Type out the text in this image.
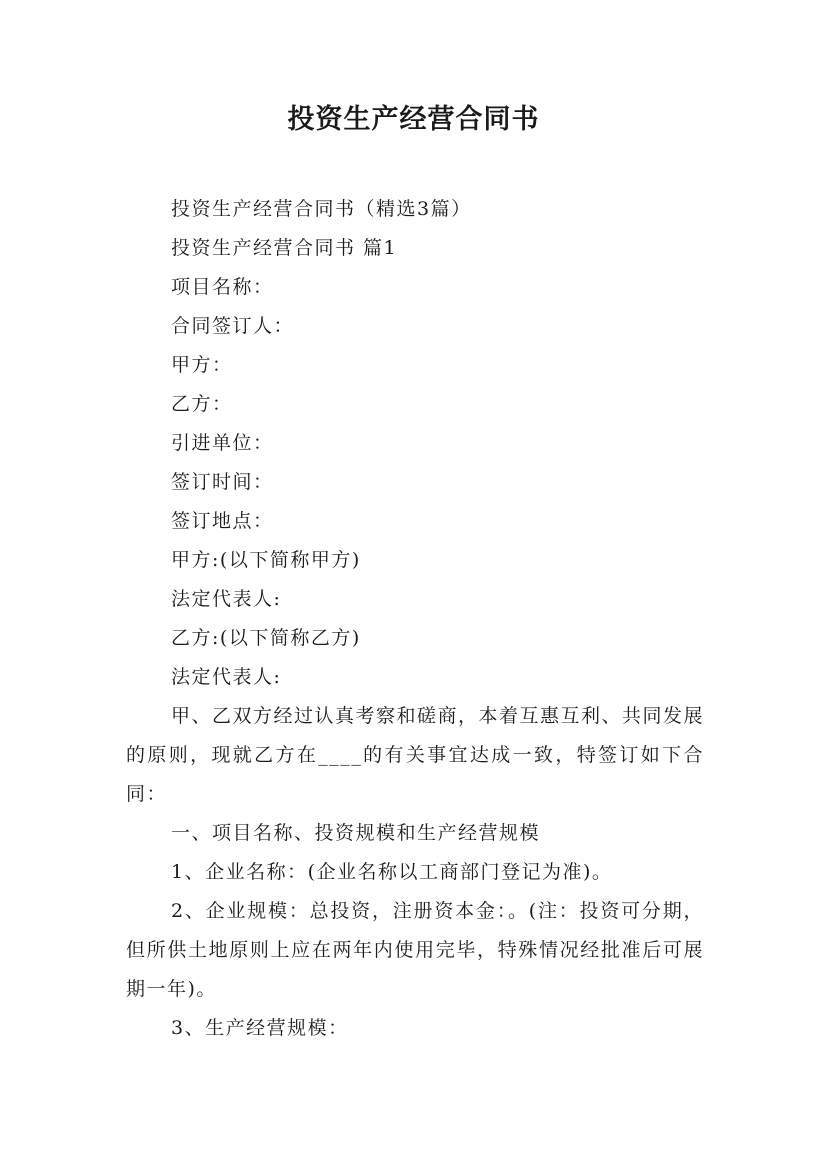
投资生产经营合同书

投资生产经营合同书（精选3篇）

投资生产经营合同书 篇1

项目名称：

合同签订人：

甲方：

乙方：

引进单位：

签订时间：

签订地点：

甲方:(以下简称甲方)

法定代表人:

乙方:(以下简称乙方)

法定代表人:

甲、乙双方经过认真考察和磋商，本着互惠互利、共同发展的原则，现就乙方在____的有关事宜达成一致，特签订如下合同：

一、项目名称、投资规模和生产经营规模

1、企业名称：(企业名称以工商部门登记为准)。

2、企业规模：总投资，注册资本金：。(注：投资可分期，但所供土地原则上应在两年内使用完毕，特殊情况经批准后可展期一年)。

3、生产经营规模：
